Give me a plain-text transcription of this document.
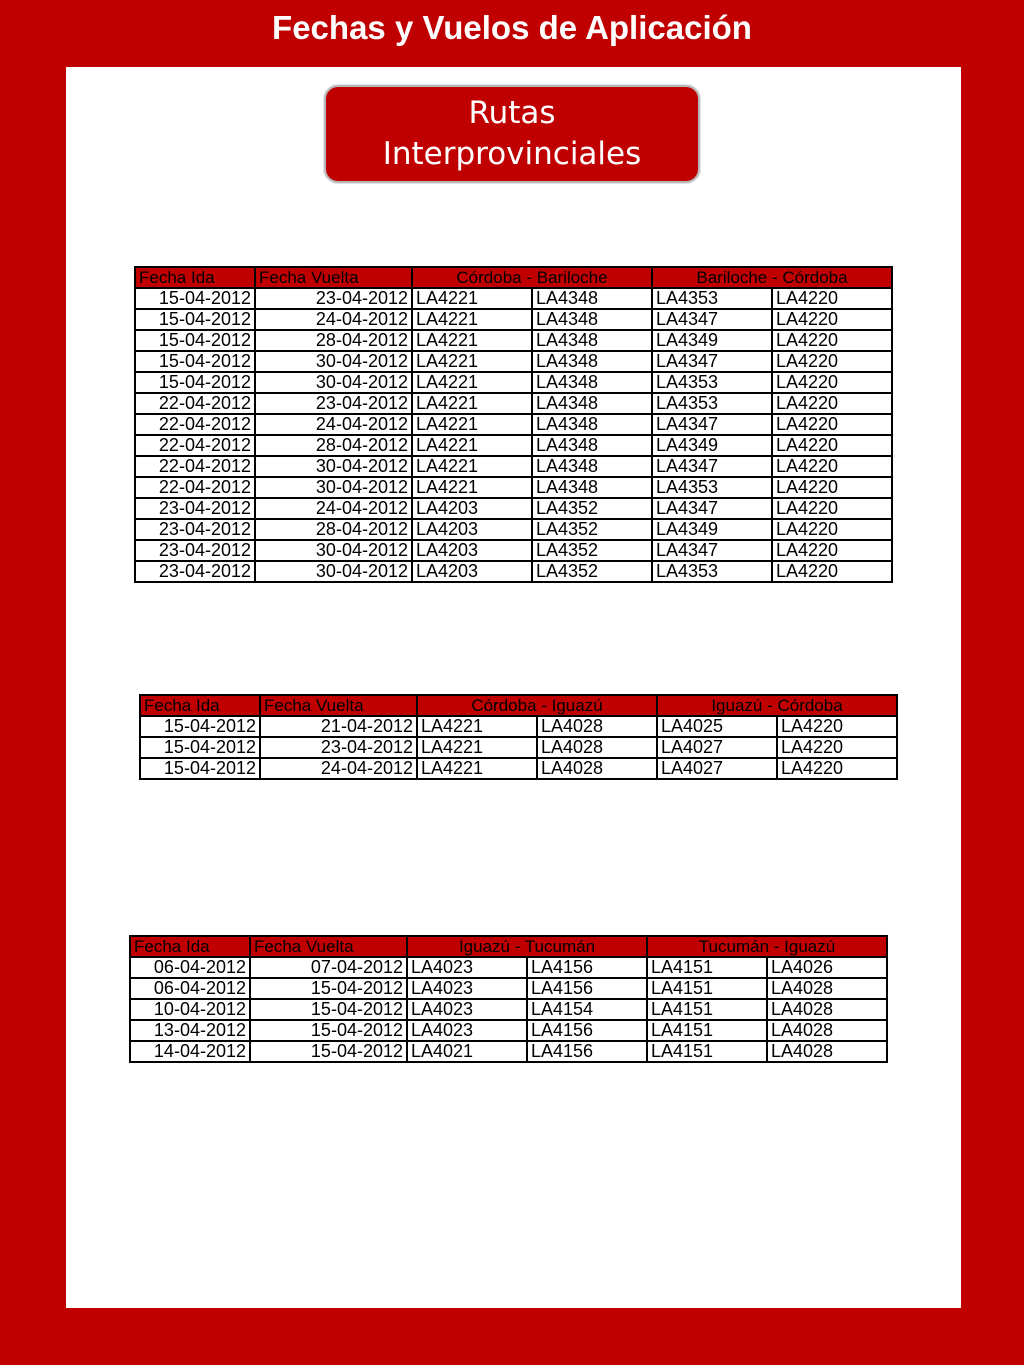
Fechas y Vuelos de Aplicación
Rutas
Interprovinciales
Fecha Ida	Fecha Vuelta	Córdoba - Bariloche		Bariloche - Córdoba	
15-04-2012	23-04-2012	LA4221	LA4348	LA4353	LA4220
15-04-2012	24-04-2012	LA4221	LA4348	LA4347	LA4220
15-04-2012	28-04-2012	LA4221	LA4348	LA4349	LA4220
15-04-2012	30-04-2012	LA4221	LA4348	LA4347	LA4220
15-04-2012	30-04-2012	LA4221	LA4348	LA4353	LA4220
22-04-2012	23-04-2012	LA4221	LA4348	LA4353	LA4220
22-04-2012	24-04-2012	LA4221	LA4348	LA4347	LA4220
22-04-2012	28-04-2012	LA4221	LA4348	LA4349	LA4220
22-04-2012	30-04-2012	LA4221	LA4348	LA4347	LA4220
22-04-2012	30-04-2012	LA4221	LA4348	LA4353	LA4220
23-04-2012	24-04-2012	LA4203	LA4352	LA4347	LA4220
23-04-2012	28-04-2012	LA4203	LA4352	LA4349	LA4220
23-04-2012	30-04-2012	LA4203	LA4352	LA4347	LA4220
23-04-2012	30-04-2012	LA4203	LA4352	LA4353	LA4220
Fecha Ida	Fecha Vuelta	Córdoba - Iguazú		Iguazú - Córdoba	
15-04-2012	21-04-2012	LA4221	LA4028	LA4025	LA4220
15-04-2012	23-04-2012	LA4221	LA4028	LA4027	LA4220
15-04-2012	24-04-2012	LA4221	LA4028	LA4027	LA4220
Fecha Ida	Fecha Vuelta	Iguazú - Tucumán		Tucumán - Iguazú	
06-04-2012	07-04-2012	LA4023	LA4156	LA4151	LA4026
06-04-2012	15-04-2012	LA4023	LA4156	LA4151	LA4028
10-04-2012	15-04-2012	LA4023	LA4154	LA4151	LA4028
13-04-2012	15-04-2012	LA4023	LA4156	LA4151	LA4028
14-04-2012	15-04-2012	LA4021	LA4156	LA4151	LA4028
